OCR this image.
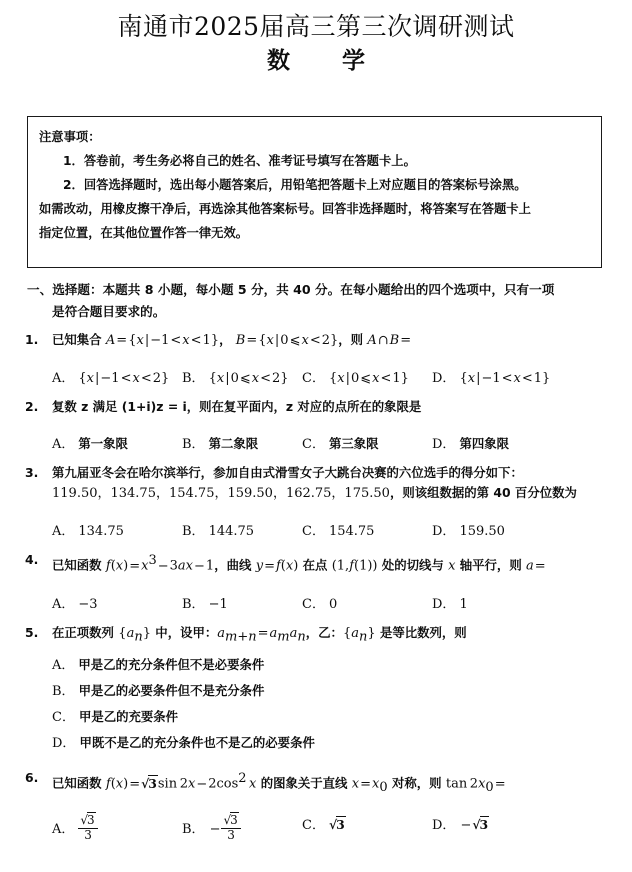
南通市2025届高三第三次调研测试
数 学

注意事项：

1．答卷前，考生务必将自己的姓名、准考证号填写在答题卡上。

2．回答选择题时，选出每小题答案后，用铅笔把答题卡上对应题目的答案标号涂黑。

如需改动，用橡皮擦干净后，再选涂其他答案标号。回答非选择题时，将答案写在答题卡上

指定位置，在其他位置作答一律无效。

一、选择题：本题共 8 小题，每小题 5 分，共 40 分。在每小题给出的四个选项中，只有一项
是符合题目要求的。
1.	已知集合 A={x|−1<x<1}， B={x|0⩽x<2}，则 A∩B=

A． {x|−1<x<2} B． {x|0⩽x<2}	C． {x|0⩽x<1}	D． {x|−1<x<1}
2.	复数 z 满足 (1+i)z = i，则在复平面内，z 对应的点所在的象限是

A． 第一象限	B． 第二象限	C． 第三象限	D． 第四象限
3.	第九届亚冬会在哈尔滨举行，参加自由式滑雪女子大跳台决赛的六位选手的得分如下：
119.50，134.75，154.75，159.50，162.75，175.50，则该组数据的第 40 百分位数为

A． 134.75	B． 144.75	C． 154.75	D． 159.50
4.	已知函数 $f(x)=x^3-3ax-1$，曲线 y=f(x) 在点 (1,f(1)) 处的切线与 x 轴平行，则 a=

A． −3	B． −1	C． 0	D． 1
5.	在正项数列 $\{a_n\}$ 中，设甲：$a_{m+n}=a_ma_n$，乙：$\{a_n\}$ 是等比数列，则

A． 甲是乙的充分条件但不是必要条件
B． 甲是乙的必要条件但不是充分条件
C． 甲是乙的充要条件
D． 甲既不是乙的充分条件也不是乙的必要条件
6.	已知函数 f(x)=√3sin $2x-2\cos^2$  x 的图象关于直线 $x=x_0$ 对称，则 $\tan 2x_0=$

A． $\frac{√3}{3}$	B． − $\frac{√3}{3}$	C． √3	D． −√3
